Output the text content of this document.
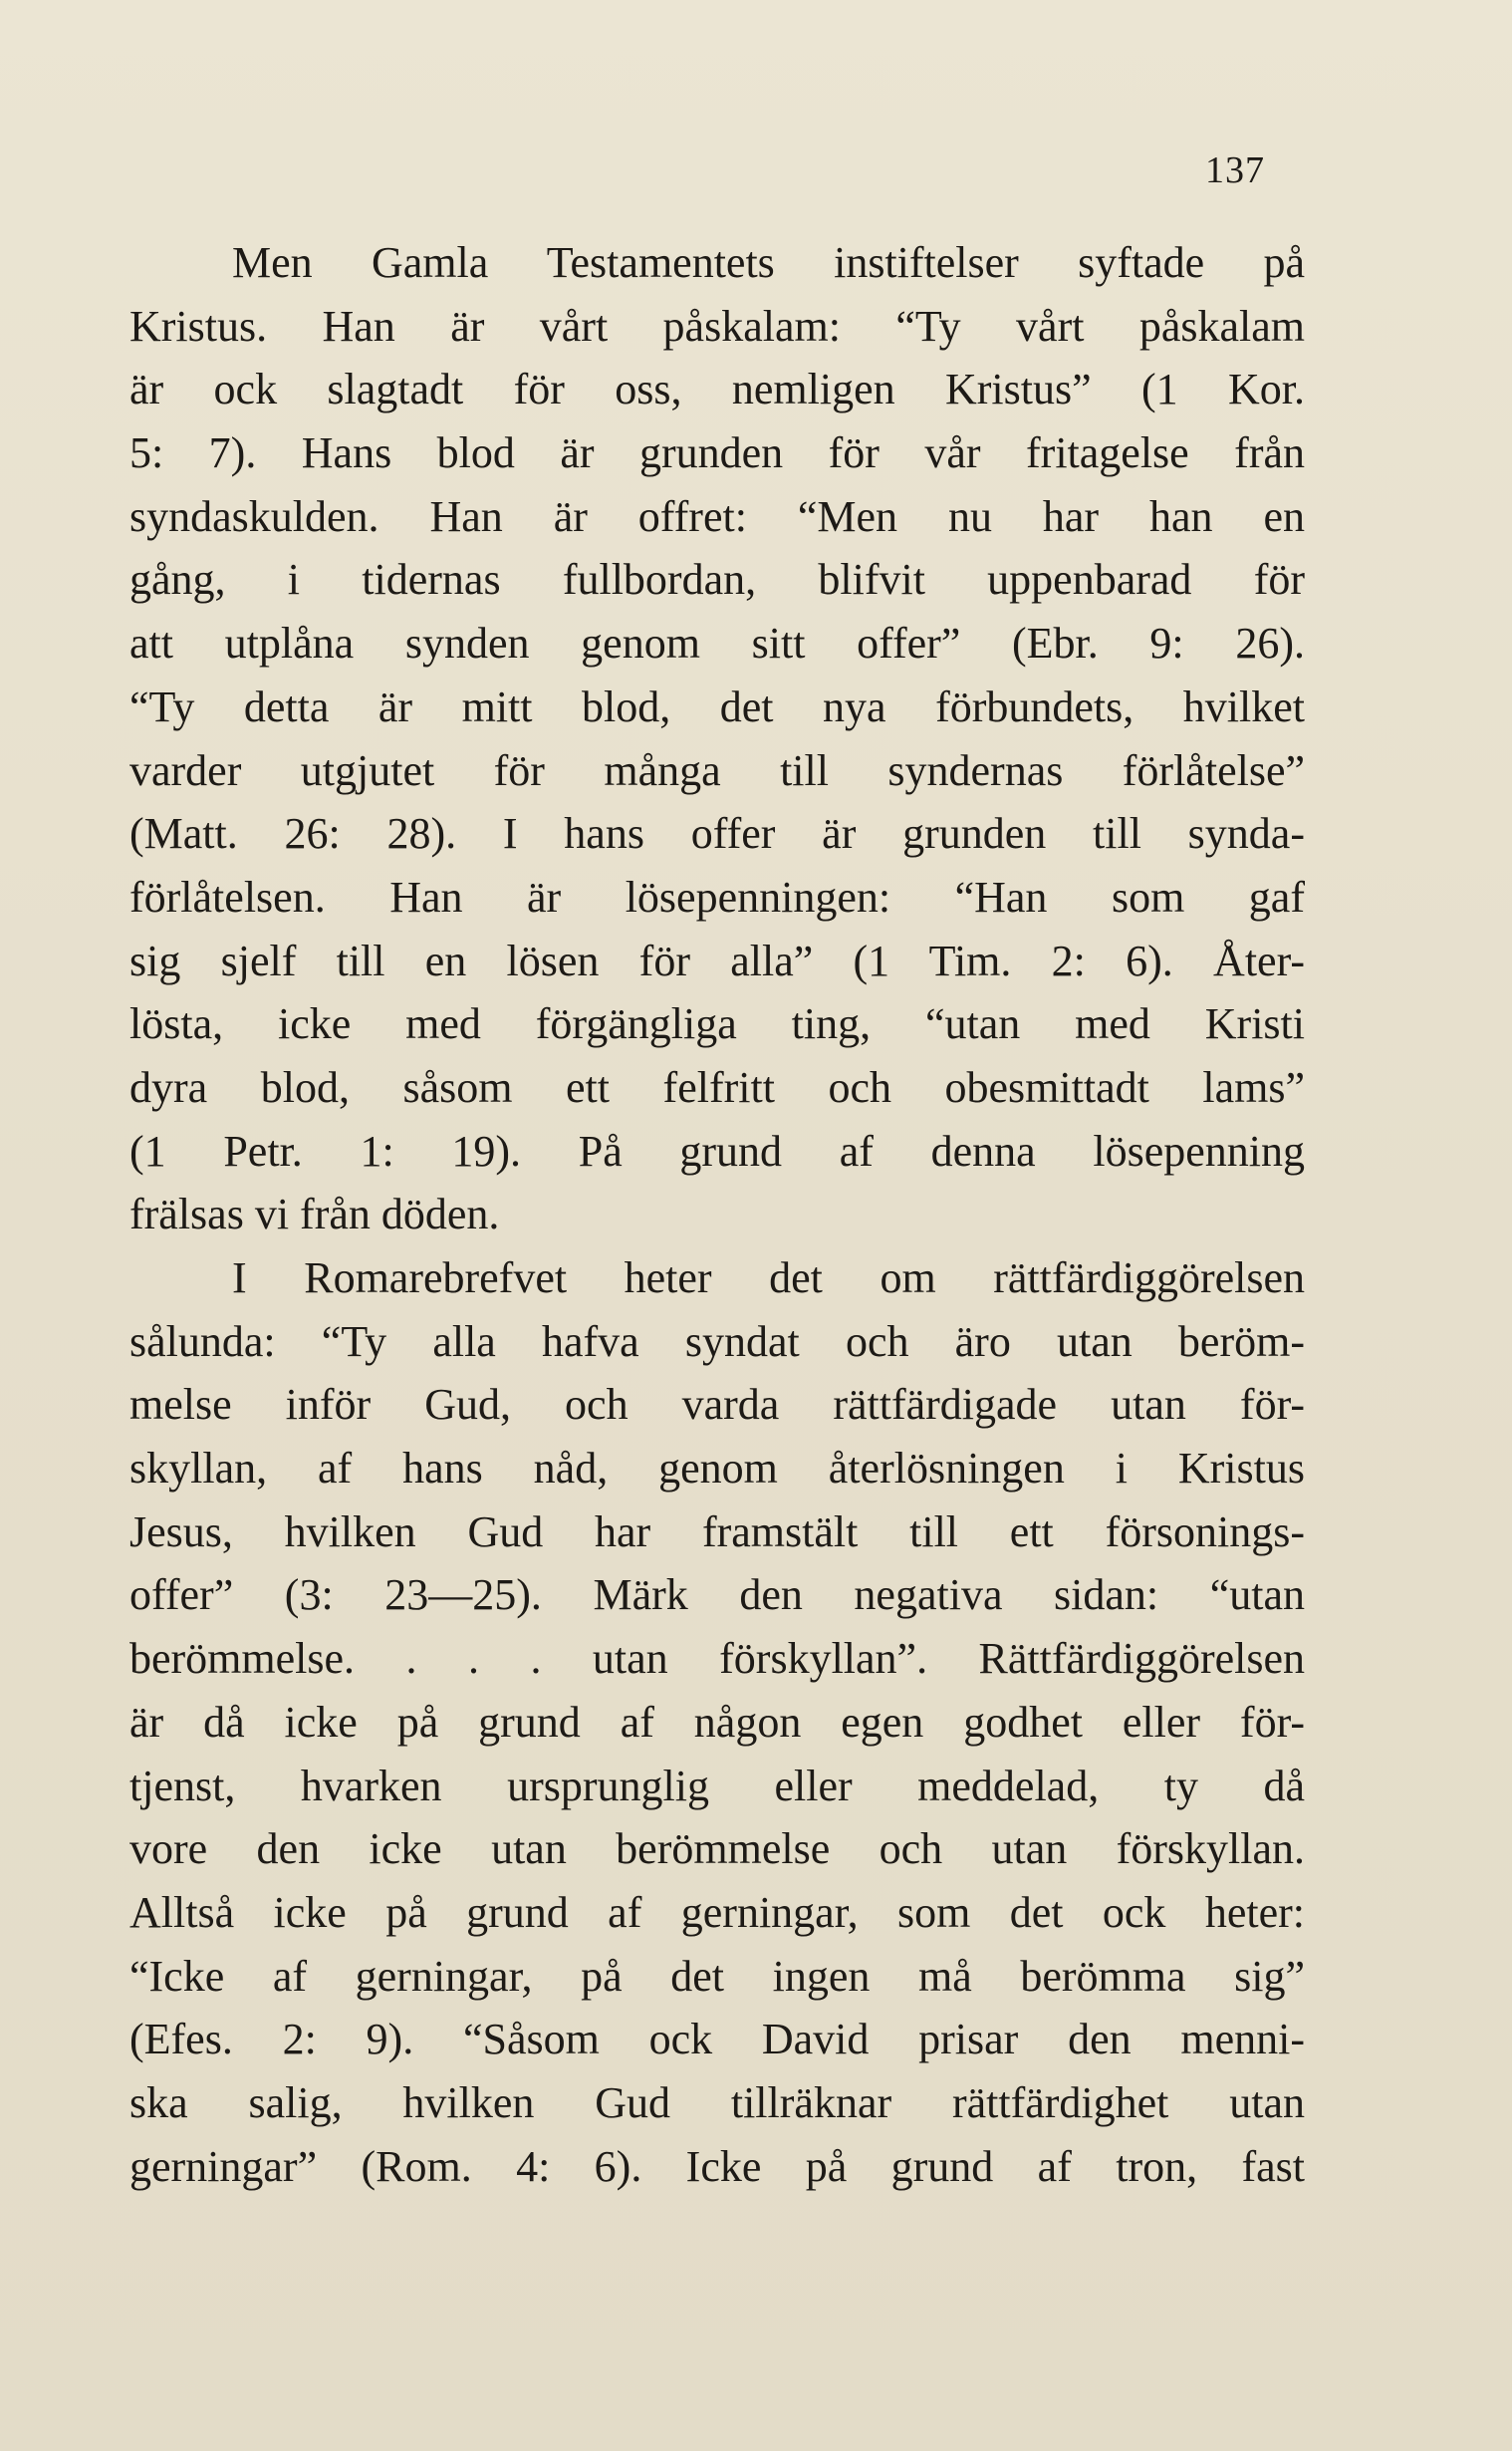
137
Men Gamla Testamentets instiftelser syftade på
Kristus. Han är vårt påskalam: “Ty vårt påskalam
är ock slagtadt för oss, nemligen Kristus” (1 Kor.
5: 7). Hans blod är grunden för vår fritagelse från
syndaskulden. Han är offret: “Men nu har han en
gång, i tidernas fullbordan, blifvit uppenbarad för
att utplåna synden genom sitt offer” (Ebr. 9: 26).
“Ty detta är mitt blod, det nya förbundets, hvilket
varder utgjutet för många till syndernas förlåtelse”
(Matt. 26: 28). I hans offer är grunden till synda-
förlåtelsen. Han är lösepenningen: “Han som gaf
sig sjelf till en lösen för alla” (1 Tim. 2: 6). Åter-
lösta, icke med förgängliga ting, “utan med Kristi
dyra blod, såsom ett felfritt och obesmittadt lams”
(1 Petr. 1: 19). På grund af denna lösepenning
frälsas vi från döden.
I Romarebrefvet heter det om rättfärdiggörelsen
sålunda: “Ty alla hafva syndat och äro utan beröm-
melse inför Gud, och varda rättfärdigade utan för-
skyllan, af hans nåd, genom återlösningen i Kristus
Jesus, hvilken Gud har framstält till ett försonings-
offer” (3: 23—25). Märk den negativa sidan: “utan
berömmelse. . . . utan förskyllan”. Rättfärdiggörelsen
är då icke på grund af någon egen godhet eller för-
tjenst, hvarken ursprunglig eller meddelad, ty då
vore den icke utan berömmelse och utan förskyllan.
Alltså icke på grund af gerningar, som det ock heter:
“Icke af gerningar, på det ingen må berömma sig”
(Efes. 2: 9). “Såsom ock David prisar den menni-
ska salig, hvilken Gud tillräknar rättfärdighet utan
gerningar” (Rom. 4: 6). Icke på grund af tron, fast
